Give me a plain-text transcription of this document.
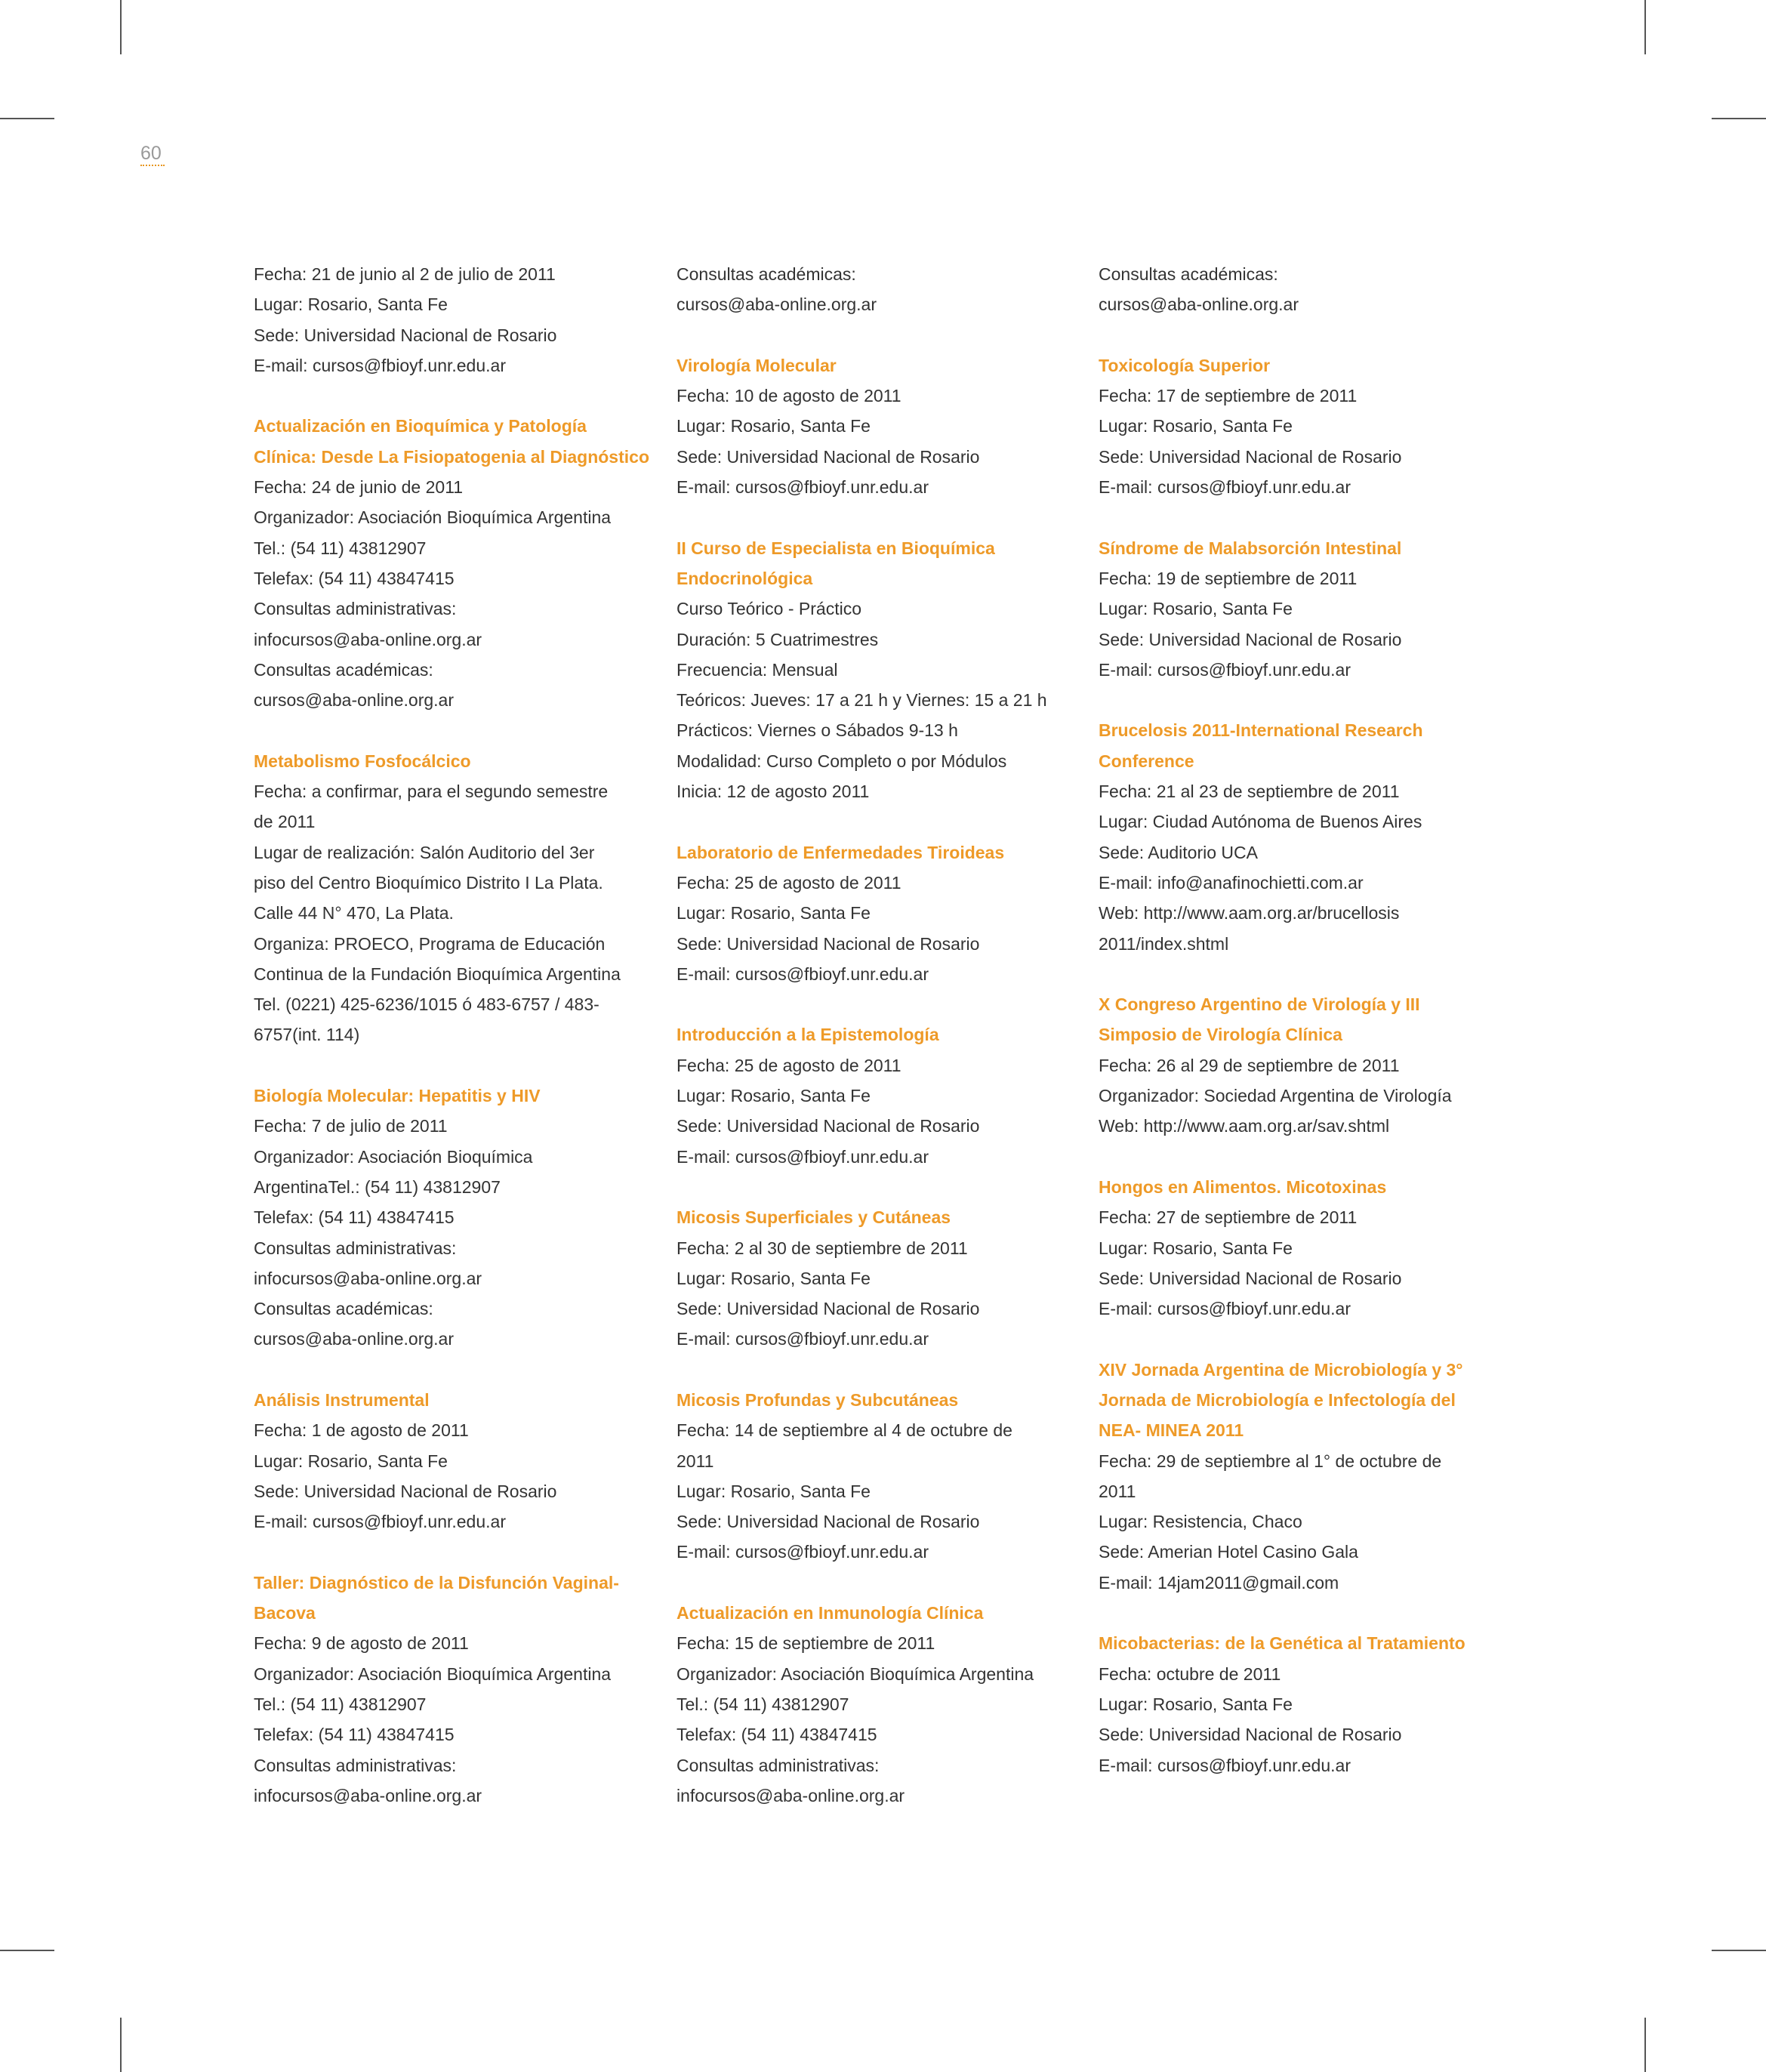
60
Fecha: 21 de junio al 2 de julio de 2011
Lugar: Rosario, Santa Fe
Sede: Universidad Nacional de Rosario
E-mail: cursos@fbioyf.unr.edu.ar
Actualización en Bioquímica y Patología
Clínica: Desde La Fisiopatogenia al Diagnóstico
Fecha: 24 de junio de 2011
Organizador: Asociación Bioquímica Argentina
Tel.: (54 11) 43812907
Telefax: (54 11) 43847415
Consultas administrativas:
infocursos@aba-online.org.ar
Consultas académicas:
cursos@aba-online.org.ar
Metabolismo Fosfocálcico
Fecha: a confirmar, para el segundo semestre
de 2011
Lugar de realización: Salón Auditorio del 3er
piso del Centro Bioquímico Distrito I La Plata.
Calle 44 N° 470, La Plata.
Organiza: PROECO, Programa de Educación
Continua de la Fundación Bioquímica Argentina
Tel. (0221) 425-6236/1015 ó 483-6757 / 483-
6757(int. 114)
Biología Molecular: Hepatitis y HIV
Fecha: 7 de julio de 2011
Organizador: Asociación Bioquímica
ArgentinaTel.: (54 11) 43812907
Telefax: (54 11) 43847415
Consultas administrativas:
infocursos@aba-online.org.ar
Consultas académicas:
cursos@aba-online.org.ar
Análisis Instrumental
Fecha: 1 de agosto de 2011
Lugar: Rosario, Santa Fe
Sede: Universidad Nacional de Rosario
E-mail: cursos@fbioyf.unr.edu.ar
Taller: Diagnóstico de la Disfunción Vaginal-
Bacova
Fecha: 9 de agosto de 2011
Organizador: Asociación Bioquímica Argentina
Tel.: (54 11) 43812907
Telefax: (54 11) 43847415
Consultas administrativas:
infocursos@aba-online.org.ar
Consultas académicas:
cursos@aba-online.org.ar
Virología Molecular
Fecha: 10 de agosto de 2011
Lugar: Rosario, Santa Fe
Sede: Universidad Nacional de Rosario
E-mail: cursos@fbioyf.unr.edu.ar
II Curso de Especialista en Bioquímica
Endocrinológica
Curso Teórico - Práctico
Duración: 5 Cuatrimestres
Frecuencia: Mensual
Teóricos: Jueves: 17 a 21 h y Viernes: 15 a 21 h
Prácticos: Viernes o Sábados 9-13 h
Modalidad: Curso Completo o por Módulos
Inicia: 12 de agosto 2011
Laboratorio de Enfermedades Tiroideas
Fecha: 25 de agosto de 2011
Lugar: Rosario, Santa Fe
Sede: Universidad Nacional de Rosario
E-mail: cursos@fbioyf.unr.edu.ar
Introducción a la Epistemología
Fecha: 25 de agosto de 2011
Lugar: Rosario, Santa Fe
Sede: Universidad Nacional de Rosario
E-mail: cursos@fbioyf.unr.edu.ar
Micosis Superficiales y Cutáneas
Fecha: 2 al 30 de septiembre de 2011
Lugar: Rosario, Santa Fe
Sede: Universidad Nacional de Rosario
E-mail: cursos@fbioyf.unr.edu.ar
Micosis Profundas y Subcutáneas
Fecha: 14 de septiembre al 4 de octubre de
2011
Lugar: Rosario, Santa Fe
Sede: Universidad Nacional de Rosario
E-mail: cursos@fbioyf.unr.edu.ar
Actualización en Inmunología Clínica
Fecha: 15 de septiembre de 2011
Organizador: Asociación Bioquímica Argentina
Tel.: (54 11) 43812907
Telefax: (54 11) 43847415
Consultas administrativas:
infocursos@aba-online.org.ar
Consultas académicas:
cursos@aba-online.org.ar
Toxicología Superior
Fecha: 17 de septiembre de 2011
Lugar: Rosario, Santa Fe
Sede: Universidad Nacional de Rosario
E-mail: cursos@fbioyf.unr.edu.ar
Síndrome de Malabsorción Intestinal
Fecha: 19 de septiembre de 2011
Lugar: Rosario, Santa Fe
Sede: Universidad Nacional de Rosario
E-mail: cursos@fbioyf.unr.edu.ar
Brucelosis 2011-International Research
Conference
Fecha: 21 al 23 de septiembre de 2011
Lugar: Ciudad Autónoma de Buenos Aires
Sede: Auditorio UCA
E-mail: info@anafinochietti.com.ar
Web: http://www.aam.org.ar/brucellosis
2011/index.shtml
X Congreso Argentino de Virología y III
Simposio de Virología Clínica
Fecha: 26 al 29 de septiembre de 2011
Organizador: Sociedad Argentina de Virología
Web: http://www.aam.org.ar/sav.shtml
Hongos en Alimentos. Micotoxinas
Fecha: 27 de septiembre de 2011
Lugar: Rosario, Santa Fe
Sede: Universidad Nacional de Rosario
E-mail: cursos@fbioyf.unr.edu.ar
XIV Jornada Argentina de Microbiología y 3°
Jornada de Microbiología e Infectología del
NEA- MINEA 2011
Fecha: 29 de septiembre al 1° de octubre de
2011
Lugar: Resistencia, Chaco
Sede: Amerian Hotel Casino Gala
E-mail: 14jam2011@gmail.com
Micobacterias: de la Genética al Tratamiento
Fecha: octubre de 2011
Lugar: Rosario, Santa Fe
Sede: Universidad Nacional de Rosario
E-mail: cursos@fbioyf.unr.edu.ar
